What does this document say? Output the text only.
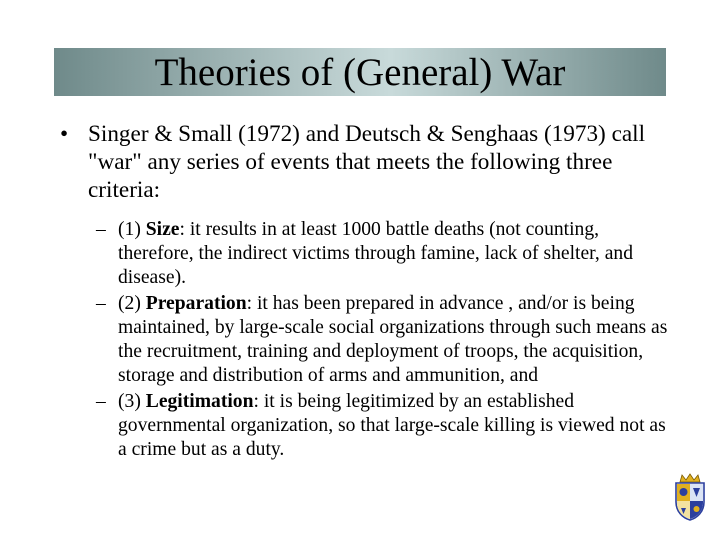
Theories of (General) War
• Singer & Small (1972) and Deutsch & Senghaas (1973) call "war" any series of events that meets the following three criteria:
– (1) Size: it results in at least 1000 battle deaths (not counting, therefore, the indirect victims through famine, lack of shelter, and disease).
– (2) Preparation: it has been prepared in advance , and/or is being maintained, by large‑scale social organizations through such means as the recruitment, training and deployment of troops, the acquisition, storage and distribution of arms and ammunition, and
– (3) Legitimation: it is being legitimized by an established governmental organization, so that large-scale killing is viewed not as a crime but as a duty.
